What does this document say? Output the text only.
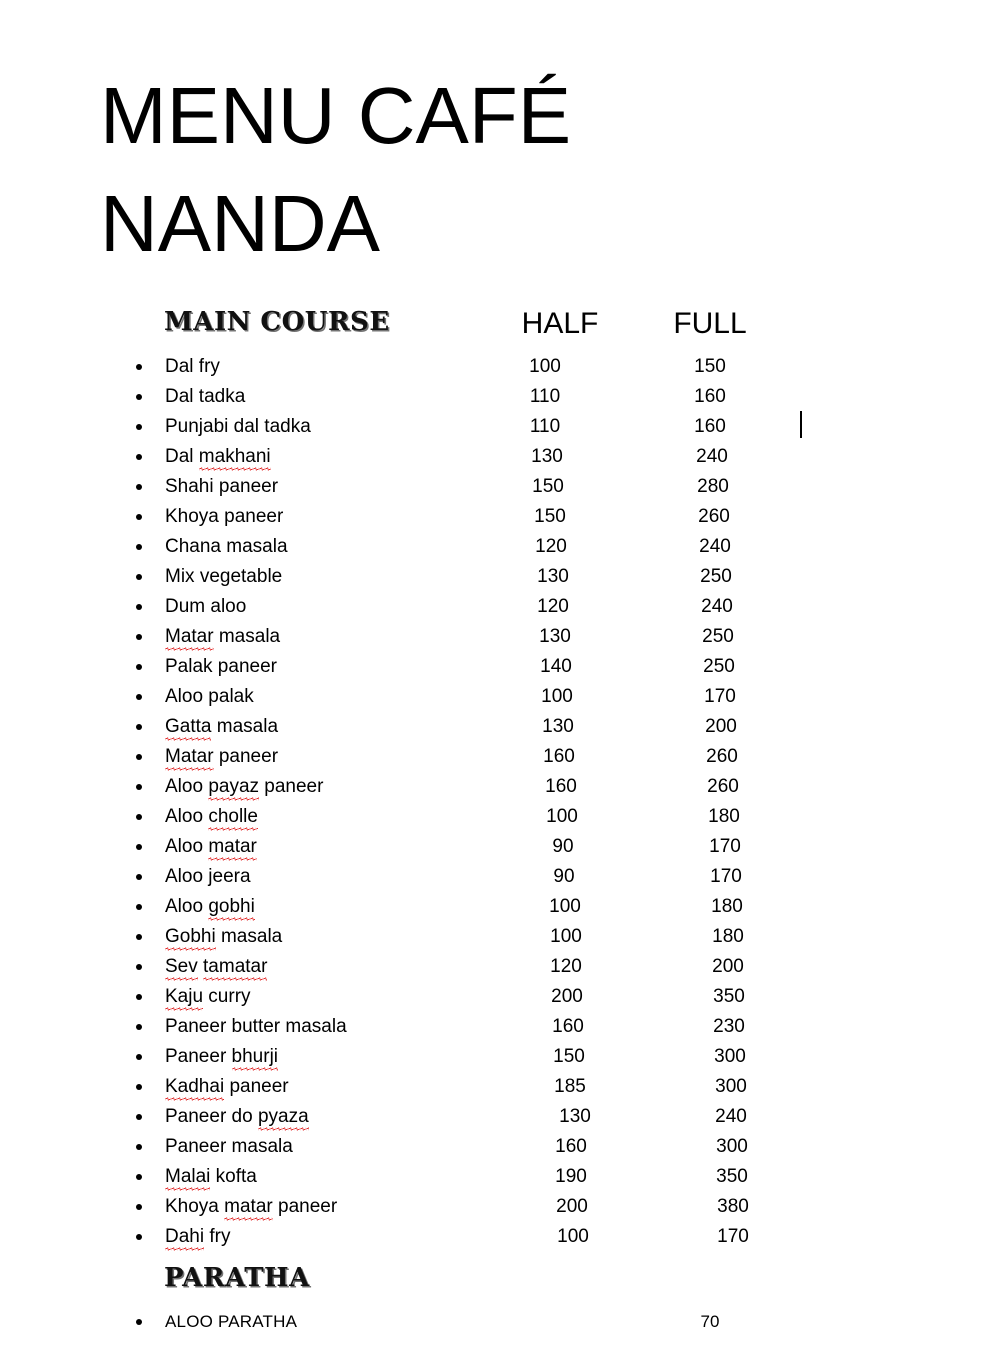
MENU CAFÉ
NANDA
MAIN COURSE	HALF	FULL
Dal fry	100	150
Dal tadka	110	160
Punjabi dal tadka	110	160
Dal makhani	130	240
Shahi paneer	150	280
Khoya paneer	150	260
Chana masala	120	240
Mix vegetable	130	250
Dum aloo	120	240
Matar masala	130	250
Palak paneer	140	250
Aloo palak	100	170
Gatta masala	130	200
Matar paneer	160	260
Aloo payaz paneer	160	260
Aloo cholle	100	180
Aloo matar	90	170
Aloo jeera	90	170
Aloo gobhi	100	180
Gobhi masala	100	180
Sev tamatar	120	200
Kaju curry	200	350
Paneer butter masala	160	230
Paneer bhurji	150	300
Kadhai paneer	185	300
Paneer do pyaza	130	240
Paneer masala	160	300
Malai kofta	190	350
Khoya matar paneer	200	380
Dahi fry	100	170
PARATHA
ALOO PARATHA	70
